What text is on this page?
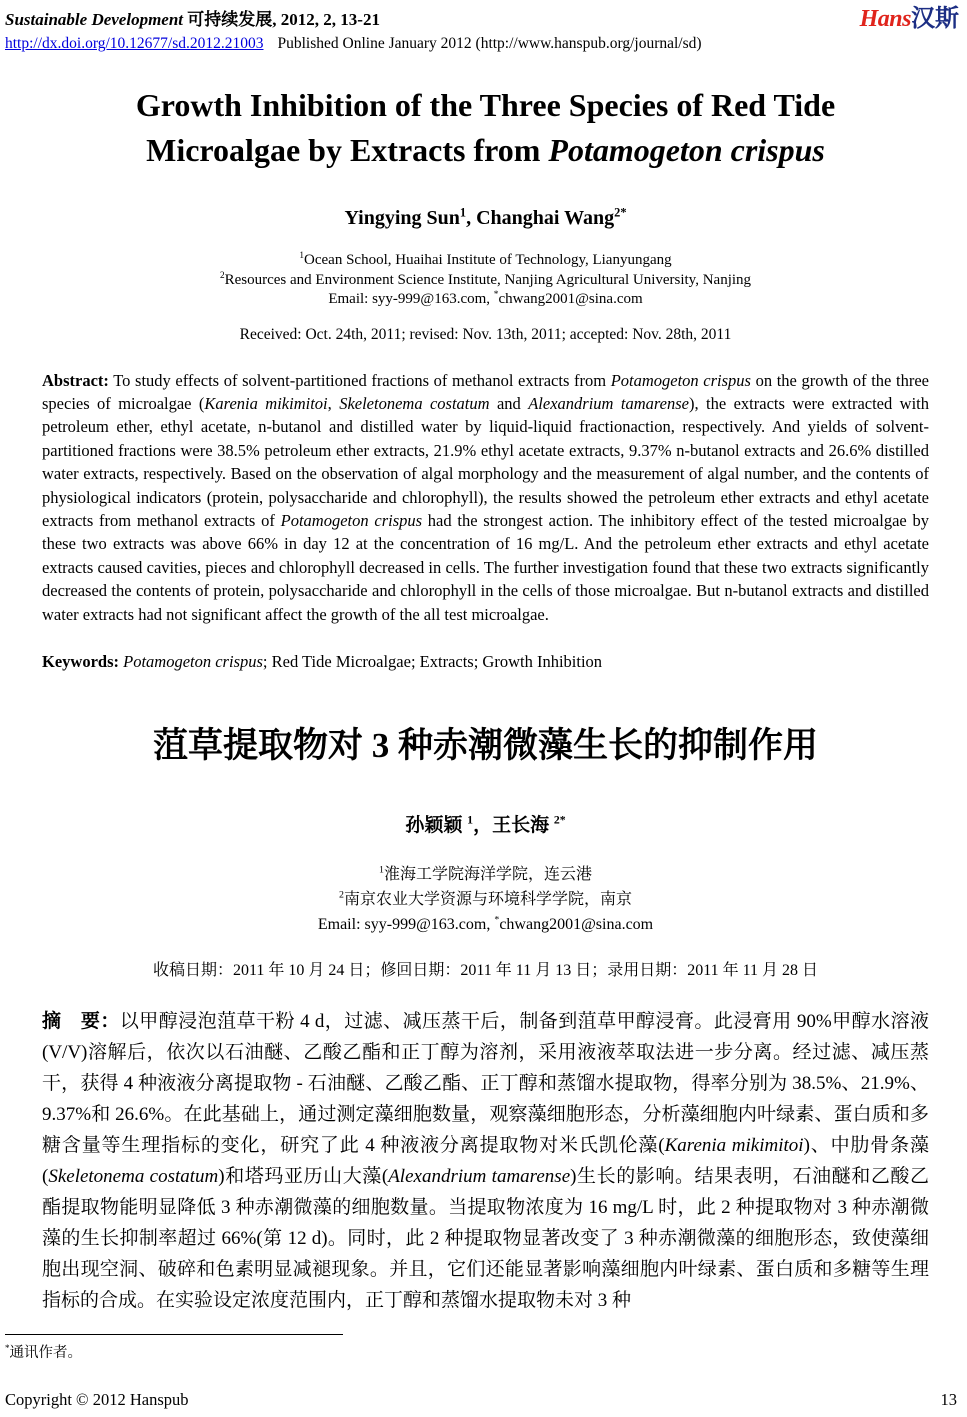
Sustainable Development 可持续发展, 2012, 2, 13-21
http://dx.doi.org/10.12677/sd.2012.21003 Published Online January 2012 (http://www.hanspub.org/journal/sd)
Hans汉斯
Growth Inhibition of the Three Species of Red Tide
Microalgae by Extracts from Potamogeton crispus
Yingying Sun$^1$, Changhai Wang$^{2*}$
$^1$Ocean School, Huaihai Institute of Technology, Lianyungang
$^2$Resources and Environment Science Institute, Nanjing Agricultural University, Nanjing
Email: syy-999@163.com, *chwang2001@sina.com
Received: Oct. 24th, 2011; revised: Nov. 13th, 2011; accepted: Nov. 28th, 2011

Abstract: To study effects of solvent-partitioned fractions of methanol extracts from Potamogeton crispus on the growth of the three species of microalgae (Karenia mikimitoi, Skeletonema costatum and Alexandrium tamarense), the extracts were extracted with petroleum ether, ethyl acetate, n-butanol and distilled water by liquid-liquid fractionaction, respectively. And yields of solvent-partitioned fractions were 38.5% petroleum ether extracts, 21.9% ethyl acetate extracts, 9.37% n-butanol extracts and 26.6% distilled water extracts, respectively. Based on the observation of algal morphology and the measurement of algal number, and the contents of physiological indicators (protein, polysaccharide and chlorophyll), the results showed the petroleum ether extracts and ethyl acetate extracts from methanol extracts of Potamogeton crispus had the strongest action. The inhibitory effect of the tested microalgae by these two extracts was above 66% in day 12 at the concentration of 16 mg/L. And the petroleum ether extracts and ethyl acetate extracts caused cavities, pieces and chlorophyll decreased in cells. The further investigation found that these two extracts significantly decreased the contents of protein, polysaccharide and chlorophyll in the cells of those microalgae. But n-butanol extracts and distilled water extracts had not significant affect the growth of the all test microalgae.

Keywords: Potamogeton crispus; Red Tide Microalgae; Extracts; Growth Inhibition

菹草提取物对 3 种赤潮微藻生长的抑制作用
孙颖颖 $^1$，王长海 $^{2*}$
$^1$淮海工学院海洋学院，连云港
$^2$南京农业大学资源与环境科学学院，南京
Email: syy-999@163.com, *chwang2001@sina.com
收稿日期：2011 年 10 月 24 日；修回日期：2011 年 11 月 13 日；录用日期：2011 年 11 月 28 日

摘　要：以甲醇浸泡菹草干粉 4 d，过滤、减压蒸干后，制备到菹草甲醇浸膏。此浸膏用 90%甲醇水溶液(V/V)溶解后，依次以石油醚、乙酸乙酯和正丁醇为溶剂，采用液液萃取法进一步分离。经过滤、减压蒸干，获得 4 种液液分离提取物 - 石油醚、乙酸乙酯、正丁醇和蒸馏水提取物，得率分别为 38.5%、21.9%、9.37%和 26.6%。在此基础上，通过测定藻细胞数量，观察藻细胞形态，分析藻细胞内叶绿素、蛋白质和多糖含量等生理指标的变化，研究了此 4 种液液分离提取物对米氏凯伦藻(Karenia mikimitoi)、中肋骨条藻(Skeletonema costatum)和塔玛亚历山大藻(Alexandrium tamarense)生长的影响。结果表明，石油醚和乙酸乙酯提取物能明显降低 3 种赤潮微藻的细胞数量。当提取物浓度为 16 mg/L 时，此 2 种提取物对 3 种赤潮微藻的生长抑制率超过 66%(第 12 d)。同时，此 2 种提取物显著改变了 3 种赤潮微藻的细胞形态，致使藻细胞出现空洞、破碎和色素明显减褪现象。并且，它们还能显著影响藻细胞内叶绿素、蛋白质和多糖等生理指标的合成。在实验设定浓度范围内，正丁醇和蒸馏水提取物未对 3 种

*通讯作者。
Copyright © 2012 Hanspub	13
